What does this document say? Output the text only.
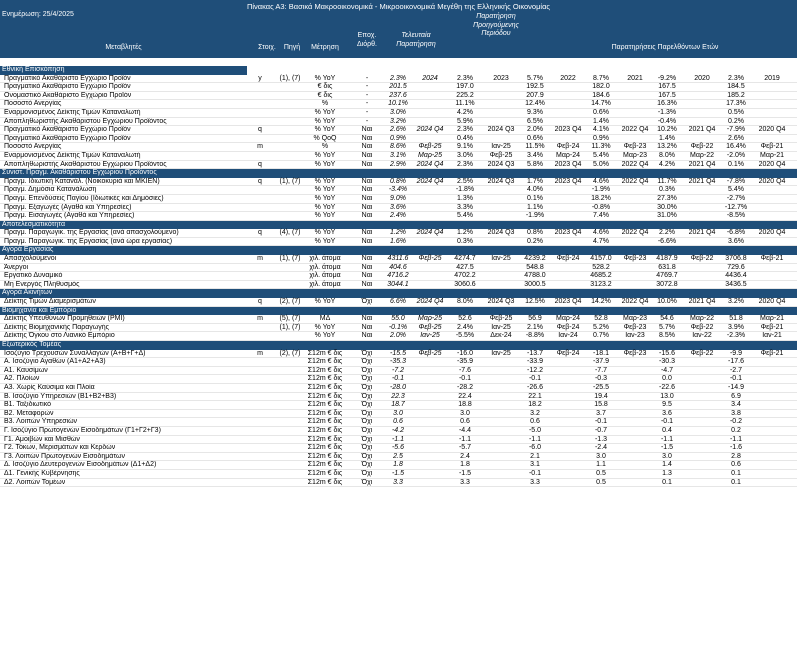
Πίνακας Α3: Βασικά Μακροοικονομικά - Μικροοικονομικά Μεγέθη της Ελληνικής Οικονομίας
Ενημέρωση: 25/4/2025
Μεταβλητές	Στοιχ.	Πηγή	Μέτρηση
Εποχ. Διόρθ.
Τελευταία Παρατήρηση
Παρατήρηση Προηγούμενης Περιόδου
Παρατηρήσεις Παρελθόντων Ετών
Εθνική Επισκόπηση
Πραγματικό Ακαθάριστο Εγχώριο Προϊόν	y	(1), (7)	% YoY	-	2.3%	2024	2.3%	2023	5.7%	2022	8.7%	2021	-9.2%	2020	2.3%	2019
Πραγματικό Ακαθάριστο Εγχώριο Προϊόν	€ δις	-	201.5	197.0	192.5	182.0	167.5	184.5
Ονομαστικό Ακαθάριστο Εγχώριο Προϊόν	€ δις	-	237.6	225.2	207.9	184.6	167.5	185.2
Ποσοστό Ανεργίας	%	-	10.1%	11.1%	12.4%	14.7%	16.3%	17.3%
Εναρμονισμένος Δείκτης Τιμών Καταναλωτή	% YoY	-	3.0%	4.2%	9.3%	0.6%	-1.3%	0.5%
Αποπληθωριστής Ακαθάριστου Εγχώριου Προϊόντος	% YoY	-	3.2%	5.9%	6.5%	1.4%	-0.4%	0.2%
Πραγματικό Ακαθάριστο Εγχώριο Προϊόν	q	% YoY	Ναι	2.6%	2024 Q4	2.3%	2024 Q3	2.0%	2023 Q4	4.1%	2022 Q4	10.2%	2021 Q4	-7.9%	2020 Q4
Πραγματικό Ακαθάριστο Εγχώριο Προϊόν	% QoQ	Ναι	0.9%	0.4%	0.6%	0.9%	1.4%	2.6%
Ποσοστό Ανεργίας	m	%	Ναι	8.6%	Φεβ-25	9.1%	Ιαν-25	11.5%	Φεβ-24	11.3%	Φεβ-23	13.2%	Φεβ-22	16.4%	Φεβ-21
Εναρμονισμένος Δείκτης Τιμών Καταναλωτή	% YoY	Ναι	3.1%	Μαρ-25	3.0%	Φεβ-25	3.4%	Μαρ-24	5.4%	Μαρ-23	8.0%	Μαρ-22	-2.0%	Μαρ-21
Αποπληθωριστής Ακαθάριστου Εγχώριου Προϊόντος	q	% YoY	Ναι	2.9%	2024 Q4	2.3%	2024 Q3	5.8%	2023 Q4	5.0%	2022 Q4	4.2%	2021 Q4	0.1%	2020 Q4
Συνιστ. Πραγμ. Ακαθάριστου Εγχώριου Προϊόντος
Πραγμ. Ιδιωτική Κατανάλ. (Νοικοκυριά και ΜΚΙΕΝ)	q	(1), (7)	% YoY	Ναι	0.8%	2024 Q4	2.5%	2024 Q3	1.7%	2023 Q4	4.6%	2022 Q4	11.7%	2021 Q4	-7.8%	2020 Q4
Πραγμ. Δημόσια Κατανάλωση	% YoY	Ναι	-3.4%	-1.8%	4.0%	-1.9%	0.3%	5.4%
Πραγμ. Επενδύσεις Παγίου (Ιδιωτικές και Δημόσιες)	% YoY	Ναι	9.0%	1.3%	0.1%	18.2%	27.3%	-2.7%
Πραγμ. Εξαγωγές (Αγαθά και Υπηρεσίες)	% YoY	Ναι	3.6%	3.3%	1.1%	-0.8%	30.0%	-12.7%
Πραγμ. Εισαγωγές (Αγαθά και Υπηρεσίες)	% YoY	Ναι	2.4%	5.4%	-1.9%	7.4%	31.0%	-8.5%
Αποτελεσματικότητα
Πραγμ. Παραγωγικ. της Εργασίας (ανά απασχολούμενο)	q	(4), (7)	% YoY	Ναι	1.2%	2024 Q4	1.2%	2024 Q3	0.8%	2023 Q4	4.6%	2022 Q4	2.2%	2021 Q4	-6.8%	2020 Q4
Πραγμ. Παραγωγικ. της Εργασίας (ανά ώρα εργασίας)	% YoY	Ναι	1.6%	0.3%	0.2%	4.7%	-6.6%	3.6%
Αγορά Εργασίας
Απασχολούμενοι	m	(1), (7)	χιλ. άτομα	Ναι	4311.6	Φεβ-25	4274.7	Ιαν-25	4239.2	Φεβ-24	4157.0	Φεβ-23	4187.9	Φεβ-22	3706.8	Φεβ-21
Άνεργοι	χιλ. άτομα	Ναι	404.6	427.5	548.8	528.2	631.8	729.6
Εργατικό Δυναμικό	χιλ. άτομα	Ναι	4716.2	4702.2	4788.0	4685.2	4769.7	4436.4
Μη Ενεργός Πληθυσμός	χιλ. άτομα	Ναι	3044.1	3060.6	3000.5	3123.2	3072.8	3436.5
Αγορά Ακινήτων
Δείκτης Τιμών Διαμερισμάτων	q	(2), (7)	% YoY	Όχι	6.6%	2024 Q4	8.0%	2024 Q3	12.5%	2023 Q4	14.2%	2022 Q4	10.0%	2021 Q4	3.2%	2020 Q4
Βιομηχανία και Εμπόριο
Δείκτης Υπευθύνων Προμηθειών (PMI)	m	(5), (7)	ΜΔ	Ναι	55.0	Μαρ-25	52.6	Φεβ-25	56.9	Μαρ-24	52.8	Μαρ-23	54.6	Μαρ-22	51.8	Μαρ-21
Δείκτης Βιομηχανικής Παραγωγής	(1), (7)	% YoY	Ναι	-0.1%	Φεβ-25	2.4%	Ιαν-25	2.1%	Φεβ-24	5.2%	Φεβ-23	5.7%	Φεβ-22	3.9%	Φεβ-21
Δείκτης Όγκου στο Λιανικό Εμπόριο	% YoY	Ναι	2.0%	Ιαν-25	-5.5%	Δεκ-24	-8.8%	Ιαν-24	0.7%	Ιαν-23	8.5%	Ιαν-22	-2.3%	Ιαν-21
Εξωτερικός Τομέας
Ισοζύγιο Τρεχουσών Συναλλαγών (Α+Β+Γ+Δ)	m	(2), (7)	Σ12m € δις	Όχι	-15.5	Φεβ-25	-16.0	Ιαν-25	-13.7	Φεβ-24	-18.1	Φεβ-23	-15.6	Φεβ-22	-9.9	Φεβ-21
Α. Ισοζύγιο Αγαθών (Α1+Α2+Α3)	Σ12m € δις	Όχι	-35.3	-35.9	-33.9	-37.9	-30.3	-17.6
Α1. Καυσίμων	Σ12m € δις	Όχι	-7.2	-7.6	-12.2	-7.7	-4.7	-2.7
Α2. Πλοίων	Σ12m € δις	Όχι	-0.1	-0.1	-0.1	-0.3	0.0	-0.1
Α3. Χωρίς Καύσιμα και Πλοία	Σ12m € δις	Όχι	-28.0	-28.2	-26.6	-25.5	-22.6	-14.9
Β. Ισοζύγιο Υπηρεσιών (Β1+Β2+Β3)	Σ12m € δις	Όχι	22.3	22.4	22.1	19.4	13.0	6.9
Β1. Ταξιδιωτικό	Σ12m € δις	Όχι	18.7	18.8	18.2	15.8	9.5	3.4
Β2. Μεταφορών	Σ12m € δις	Όχι	3.0	3.0	3.2	3.7	3.6	3.8
Β3. Λοιπών Υπηρεσιών	Σ12m € δις	Όχι	0.6	0.6	0.6	-0.1	-0.1	-0.2
Γ. Ισοζύγιο Πρωτογενών Εισοδημάτων (Γ1+Γ2+Γ3)	Σ12m € δις	Όχι	-4.2	-4.4	-5.0	-0.7	0.4	0.2
Γ1. Αμοιβών και Μισθών	Σ12m € δις	Όχι	-1.1	-1.1	-1.1	-1.3	-1.1	-1.1
Γ2. Τόκων, Μερισμάτων και Κερδών	Σ12m € δις	Όχι	-5.6	-5.7	-6.0	-2.4	-1.5	-1.6
Γ3. Λοιπών Πρωτογενών Εισοδημάτων	Σ12m € δις	Όχι	2.5	2.4	2.1	3.0	3.0	2.8
Δ. Ισοζύγιο Δευτερογενών Εισοδημάτων (Δ1+Δ2)	Σ12m € δις	Όχι	1.8	1.8	3.1	1.1	1.4	0.6
Δ1. Γενικής Κυβέρνησης	Σ12m € δις	Όχι	-1.5	-1.5	-0.1	0.5	1.3	0.1
Δ2. Λοιπών Τομέων	Σ12m € δις	Όχι	3.3	3.3	3.3	0.5	0.1	0.1
